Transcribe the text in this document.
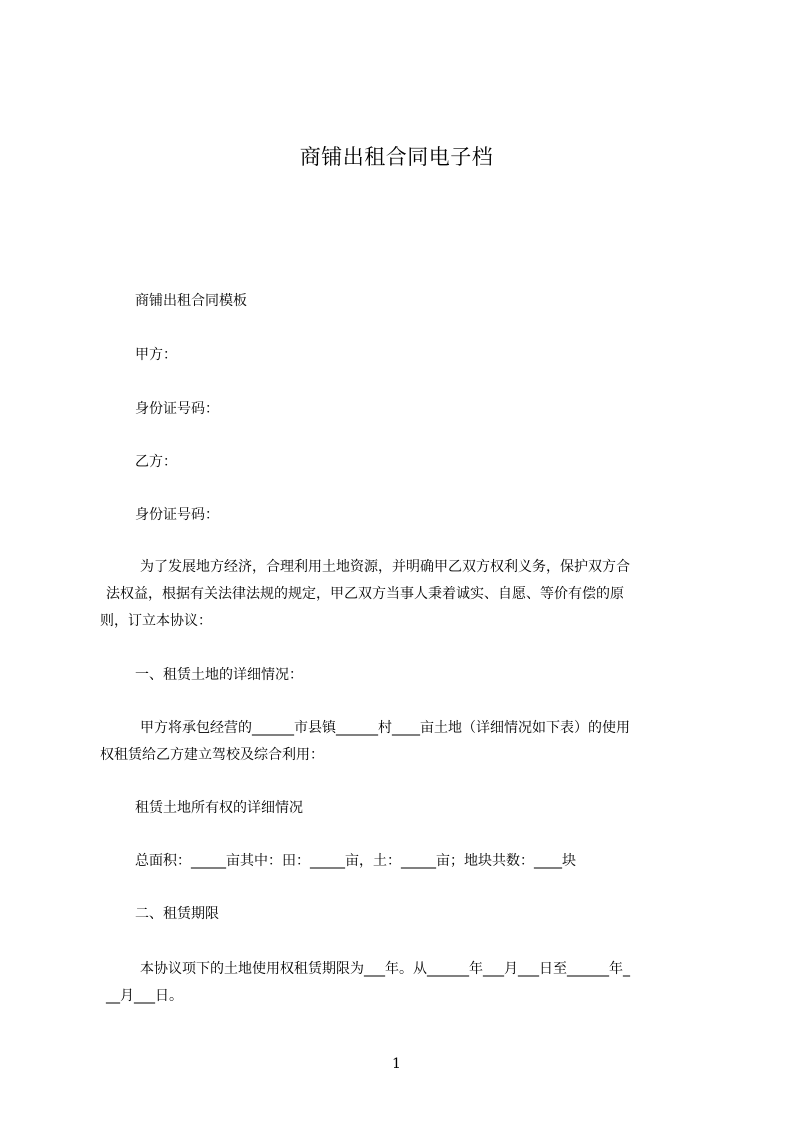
商铺出租合同电子档
商铺出租合同模板
甲方：
身份证号码：
乙方：
身份证号码：
为了发展地方经济，合理利用土地资源，并明确甲乙双方权利义务，保护双方合
法权益，根据有关法律法规的规定，甲乙双方当事人秉着诚实、自愿、等价有偿的原
则，订立本协议：
一、租赁土地的详细情况：
甲方将承包经营的______市县镇______村____亩土地（详细情况如下表）的使用
权租赁给乙方建立驾校及综合利用：
租赁土地所有权的详细情况
总面积：_____亩其中：田：_____亩，土：_____亩；地块共数：____块
二、租赁期限
本协议项下的土地使用权租赁期限为___年。从______年___月___日至______年_
__月___日。
1
